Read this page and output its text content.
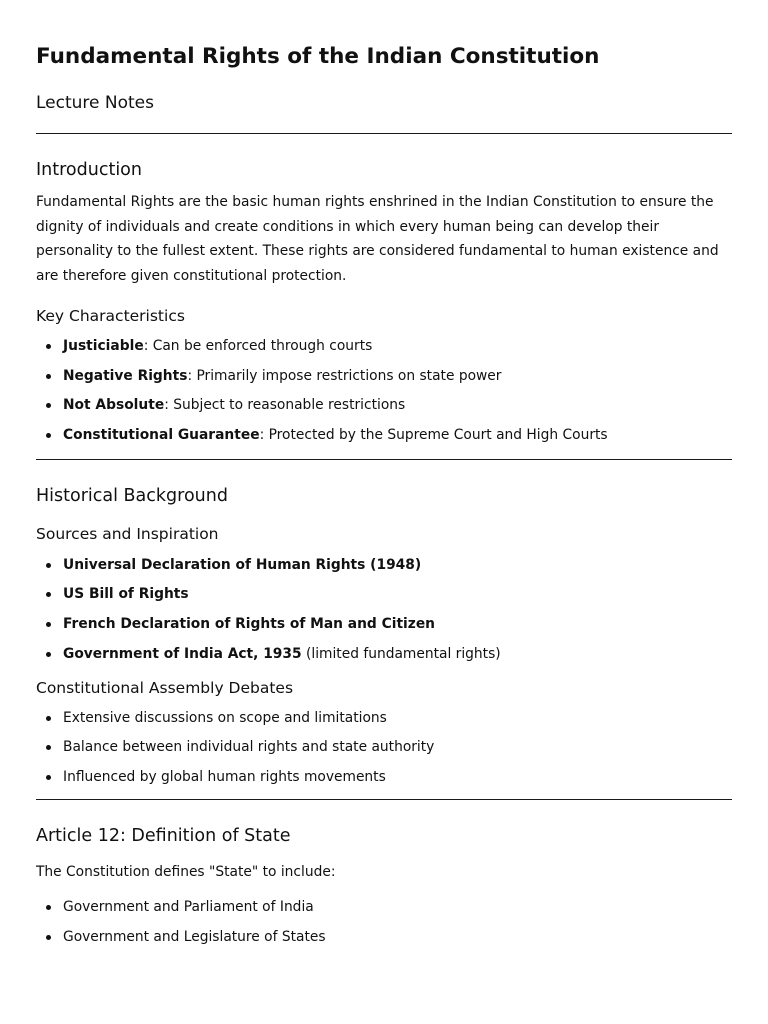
Fundamental Rights of the Indian Constitution
Lecture Notes
Introduction

Fundamental Rights are the basic human rights enshrined in the Indian Constitution to ensure the dignity of individuals and create conditions in which every human being can develop their personality to the fullest extent. These rights are considered fundamental to human existence and are therefore given constitutional protection.

Key Characteristics
Justiciable: Can be enforced through courts
Negative Rights: Primarily impose restrictions on state power
Not Absolute: Subject to reasonable restrictions
Constitutional Guarantee: Protected by the Supreme Court and High Courts
Historical Background
Sources and Inspiration
Universal Declaration of Human Rights (1948)
US Bill of Rights
French Declaration of Rights of Man and Citizen
Government of India Act, 1935 (limited fundamental rights)
Constitutional Assembly Debates
Extensive discussions on scope and limitations
Balance between individual rights and state authority
Influenced by global human rights movements
Article 12: Definition of State

The Constitution defines "State" to include:

Government and Parliament of India
Government and Legislature of States
